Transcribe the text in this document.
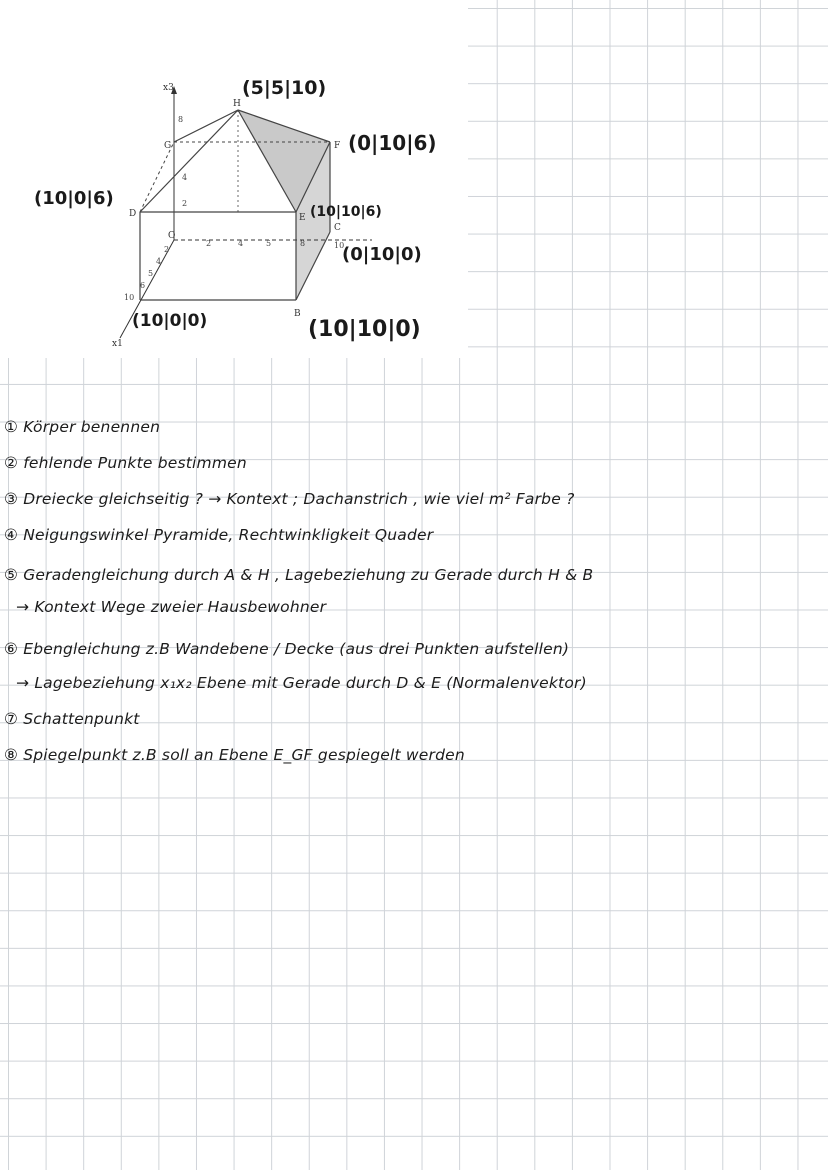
H
G	F
E
D
C
B
O
x3
x1
8
4
2
2	4	5	8	10
2
4
5
6
10
(5|5|10)
(0|10|6)
(10|0|6)
(10|10|6)
(0|10|0)
(10|0|0)	(10|10|0)
① Körper benennen
② fehlende Punkte bestimmen
③ Dreiecke gleichseitig ? → Kontext ; Dachanstrich , wie viel m² Farbe ?
④ Neigungswinkel Pyramide, Rechtwinkligkeit Quader
⑤ Geradengleichung durch A & H , Lagebeziehung zu Gerade durch H & B
→ Kontext Wege zweier Hausbewohner
⑥ Ebengleichung z.B Wandebene / Decke (aus drei Punkten aufstellen)
→ Lagebeziehung x₁x₂ Ebene mit Gerade durch D & E (Normalenvektor)
⑦ Schattenpunkt
⑧ Spiegelpunkt z.B soll an Ebene E_GF gespiegelt werden
